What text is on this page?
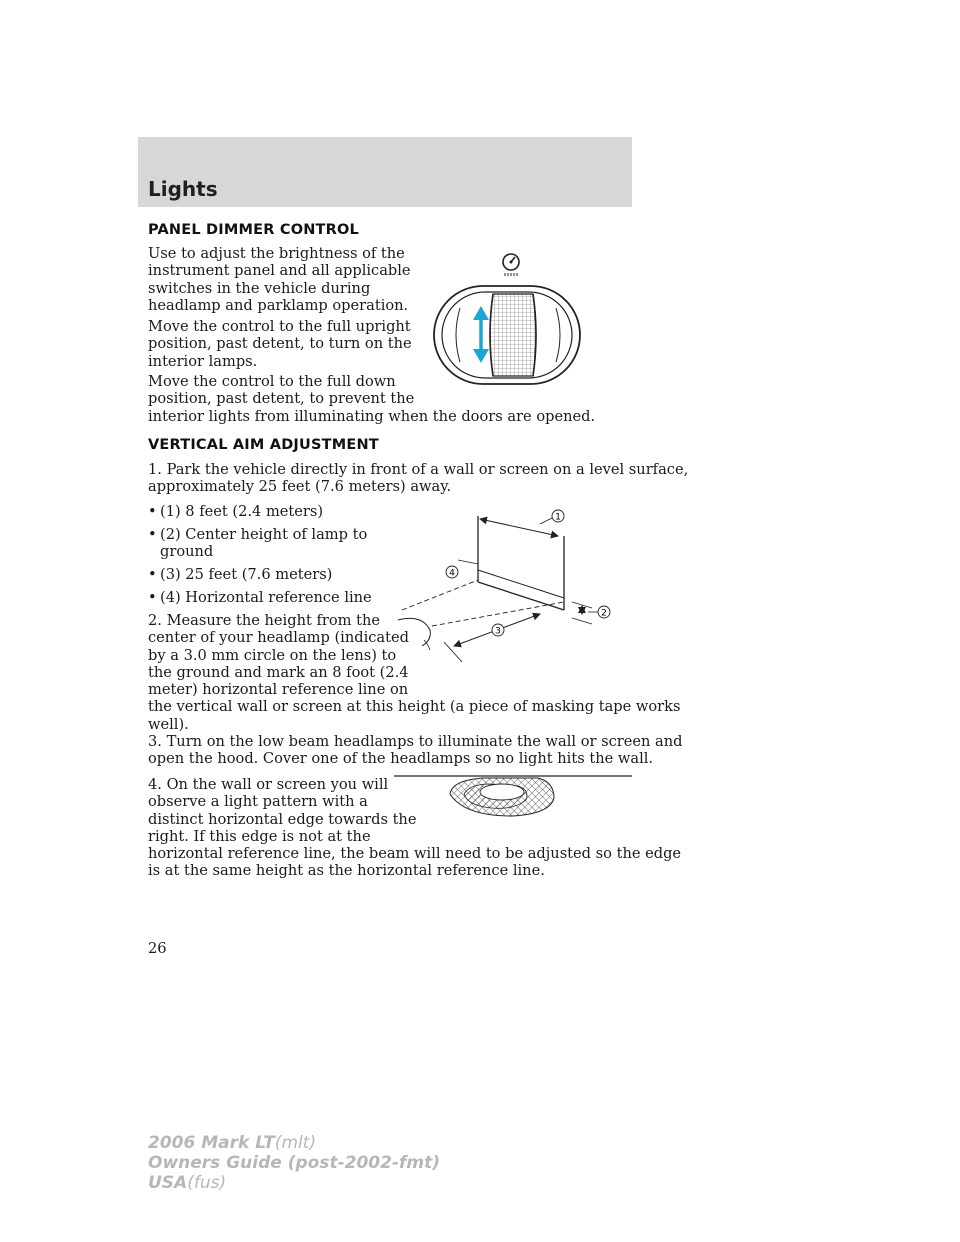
Lights
PANEL DIMMER CONTROL

Use to adjust the brightness of the
instrument panel and all applicable
switches in the vehicle during
headlamp and parklamp operation.

Move the control to the full upright
position, past detent, to turn on the
interior lamps.

Move the control to the full down
position, past detent, to prevent the
interior lights from illuminating when the doors are opened.

VERTICAL AIM ADJUSTMENT

1. Park the vehicle directly in front of a wall or screen on a level surface,
approximately 25 feet (7.6 meters) away.

• (1) 8 feet (2.4 meters)
• (2) Center height of lamp to
ground
• (3) 25 feet (7.6 meters)
• (4) Horizontal reference line

2. Measure the height from the
center of your headlamp (indicated
by a 3.0 mm circle on the lens) to
the ground and mark an 8 foot (2.4
meter) horizontal reference line on
the vertical wall or screen at this height (a piece of masking tape works
well).

1
4
3
2

3. Turn on the low beam headlamps to illuminate the wall or screen and
open the hood. Cover one of the headlamps so no light hits the wall.

4. On the wall or screen you will
observe a light pattern with a
distinct horizontal edge towards the
right. If this edge is not at the
horizontal reference line, the beam will need to be adjusted so the edge
is at the same height as the horizontal reference line.

26
2006 Mark LT(mlt)
Owners Guide (post-2002-fmt)
USA(fus)
